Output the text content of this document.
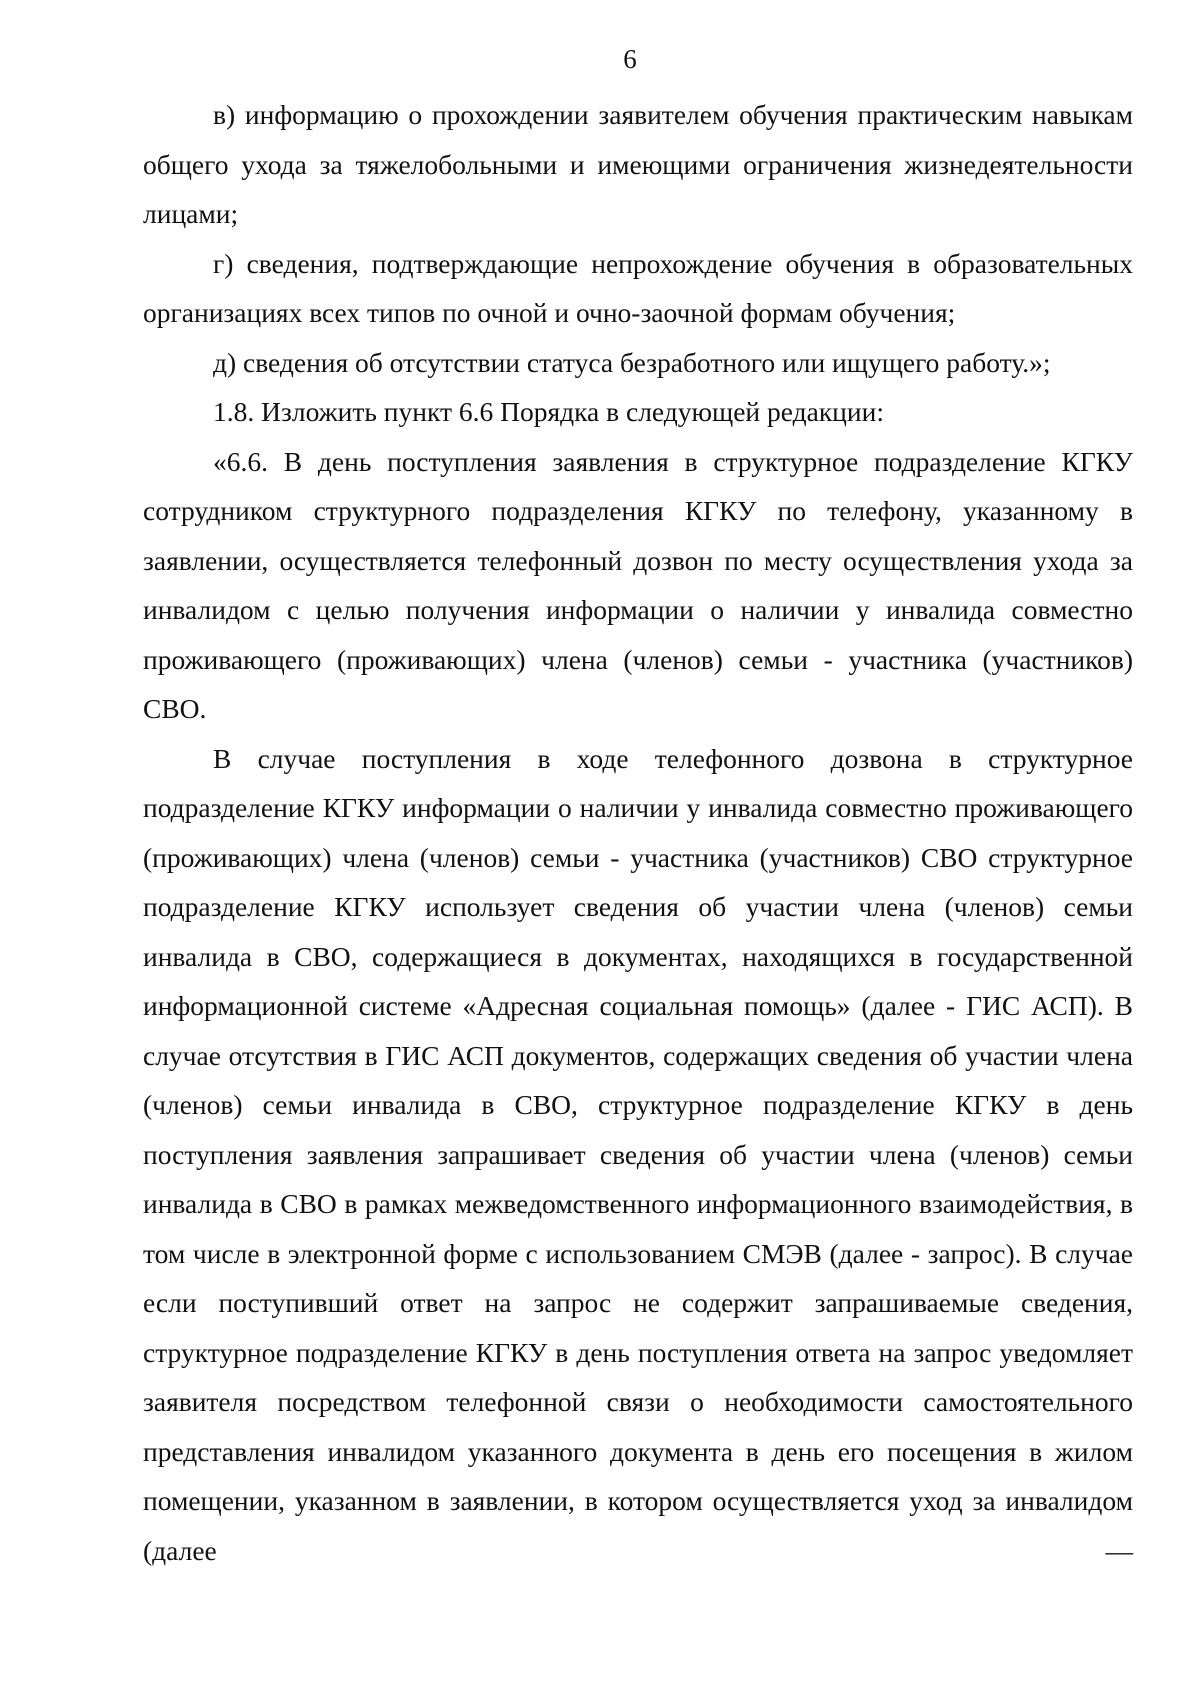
6

в) информацию о прохождении заявителем обучения практическим навыкам общего ухода за тяжелобольными и имеющими ограничения жизнедеятельности лицами;

г) сведения, подтверждающие непрохождение обучения в образовательных организациях всех типов по очной и очно-заочной формам обучения;

д) сведения об отсутствии статуса безработного или ищущего работу.»;

1.8. Изложить пункт 6.6 Порядка в следующей редакции:

«6.6. В день поступления заявления в структурное подразделение КГКУ сотрудником структурного подразделения КГКУ по телефону, указанному в заявлении, осуществляется телефонный дозвон по месту осуществления ухода за инвалидом с целью получения информации о наличии у инвалида совместно проживающего (проживающих) члена (членов) семьи - участника (участников) СВО.

В случае поступления в ходе телефонного дозвона в структурное подразделение КГКУ информации о наличии у инвалида совместно проживающего (проживающих) члена (членов) семьи - участника (участников) СВО структурное подразделение КГКУ использует сведения об участии члена (членов) семьи инвалида в СВО, содержащиеся в документах, находящихся в государственной информационной системе «Адресная социальная помощь» (далее - ГИС АСП). В случае отсутствия в ГИС АСП документов, содержащих сведения об участии члена (членов) семьи инвалида в СВО, структурное подразделение КГКУ в день поступления заявления запрашивает сведения об участии члена (членов) семьи инвалида в СВО в рамках межведомственного информационного взаимодействия, в том числе в электронной форме с использованием СМЭВ (далее - запрос). В случае если поступивший ответ на запрос не содержит запрашиваемые сведения, структурное подразделение КГКУ в день поступления ответа на запрос уведомляет заявителя посредством телефонной связи о необходимости самостоятельного представления инвалидом указанного документа в день его посещения в жилом помещении, указанном в заявлении, в котором осуществляется уход за инвалидом (далее —
